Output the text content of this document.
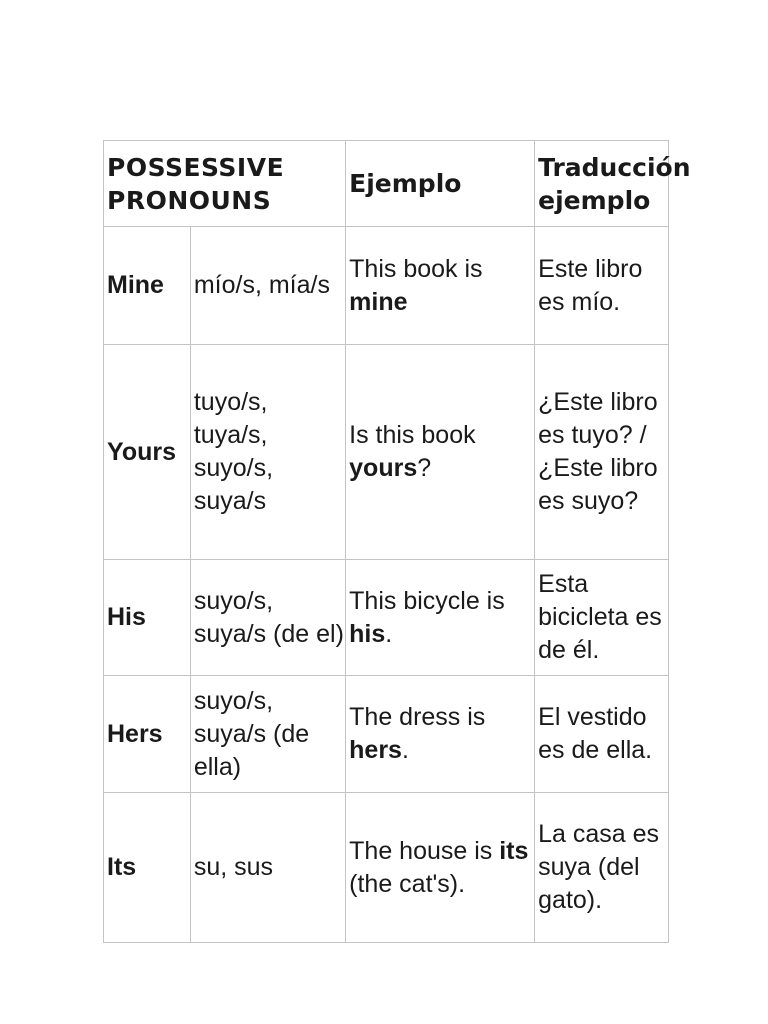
POSSESSIVE PRONOUNS		Ejemplo	Traducción ejemplo
Mine	mío/s, mía/s	This book is mine	Este libro es mío.
Yours	tuyo/s, tuya/s, suyo/s, suya/s	Is this book yours?	¿Este libro es tuyo? / ¿Este libro es suyo?
His	suyo/s, suya/s (de el)	This bicycle is his.	Esta bicicleta es de él.
Hers	suyo/s, suya/s (de ella)	The dress is hers.	El vestido es de ella.
Its	su, sus	The house is its (the cat's).	La casa es suya (del gato).
